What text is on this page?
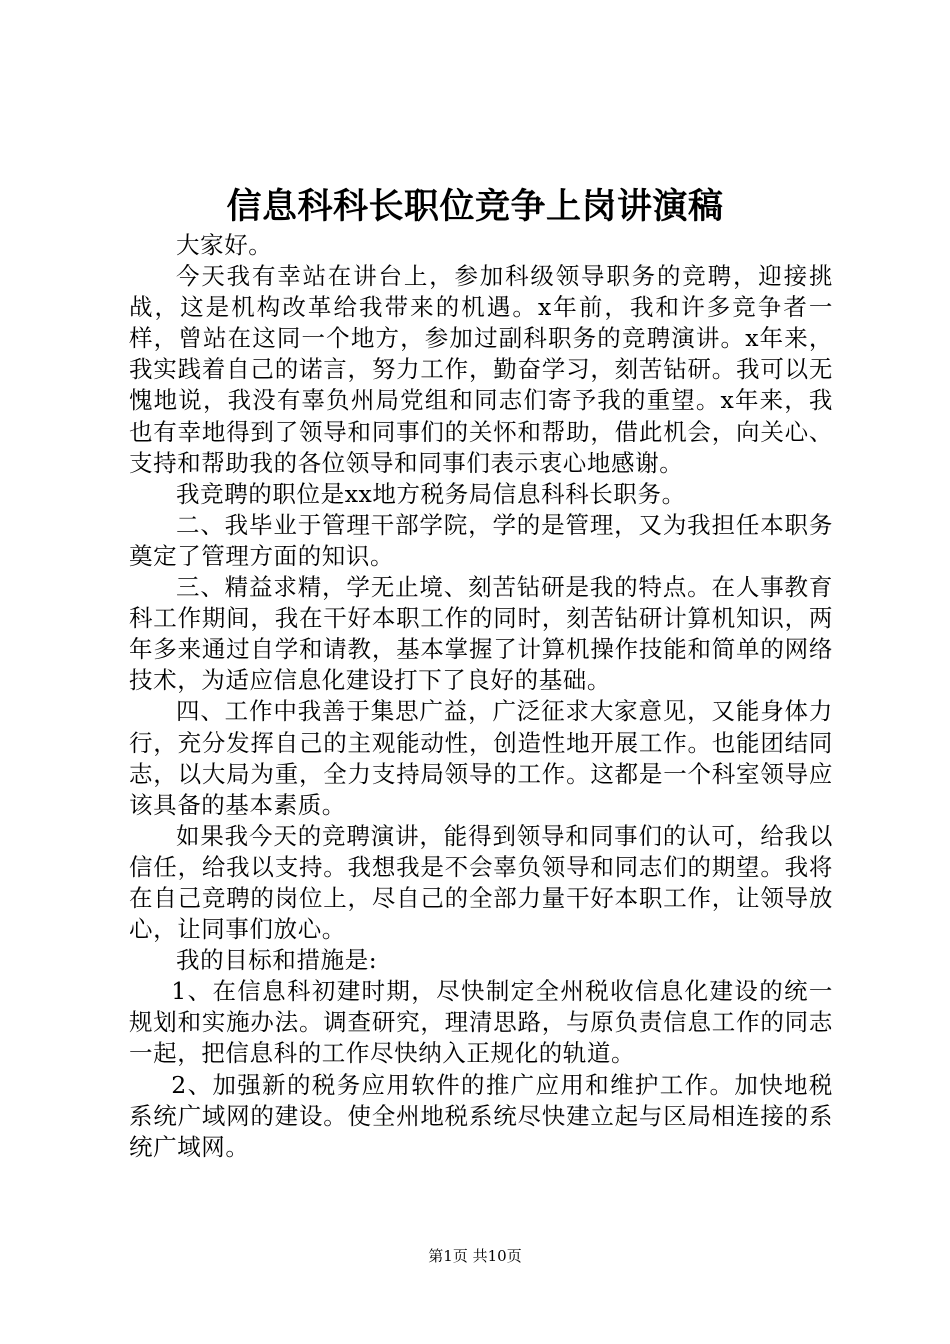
信息科科长职位竞争上岗讲演稿

大家好。

今天我有幸站在讲台上，参加科级领导职务的竞聘，迎接挑战，这是机构改革给我带来的机遇。x年前，我和许多竞争者一样，曾站在这同一个地方，参加过副科职务的竞聘演讲。x年来，我实践着自己的诺言，努力工作，勤奋学习，刻苦钻研。我可以无愧地说，我没有辜负州局党组和同志们寄予我的重望。x年来，我也有幸地得到了领导和同事们的关怀和帮助，借此机会，向关心、支持和帮助我的各位领导和同事们表示衷心地感谢。

我竞聘的职位是xx地方税务局信息科科长职务。

二、我毕业于管理干部学院，学的是管理，又为我担任本职务奠定了管理方面的知识。

三、精益求精，学无止境、刻苦钻研是我的特点。在人事教育科工作期间，我在干好本职工作的同时，刻苦钻研计算机知识，两年多来通过自学和请教，基本掌握了计算机操作技能和简单的网络技术，为适应信息化建设打下了良好的基础。

四、工作中我善于集思广益，广泛征求大家意见，又能身体力行，充分发挥自己的主观能动性，创造性地开展工作。也能团结同志，以大局为重，全力支持局领导的工作。这都是一个科室领导应该具备的基本素质。

如果我今天的竞聘演讲，能得到领导和同事们的认可，给我以信任，给我以支持。我想我是不会辜负领导和同志们的期望。我将在自己竞聘的岗位上，尽自己的全部力量干好本职工作，让领导放心，让同事们放心。

我的目标和措施是:

1、在信息科初建时期，尽快制定全州税收信息化建设的统一规划和实施办法。调查研究，理清思路，与原负责信息工作的同志一起，把信息科的工作尽快纳入正规化的轨道。

2、加强新的税务应用软件的推广应用和维护工作。加快地税系统广域网的建设。使全州地税系统尽快建立起与区局相连接的系统广域网。

第1页 共10页
